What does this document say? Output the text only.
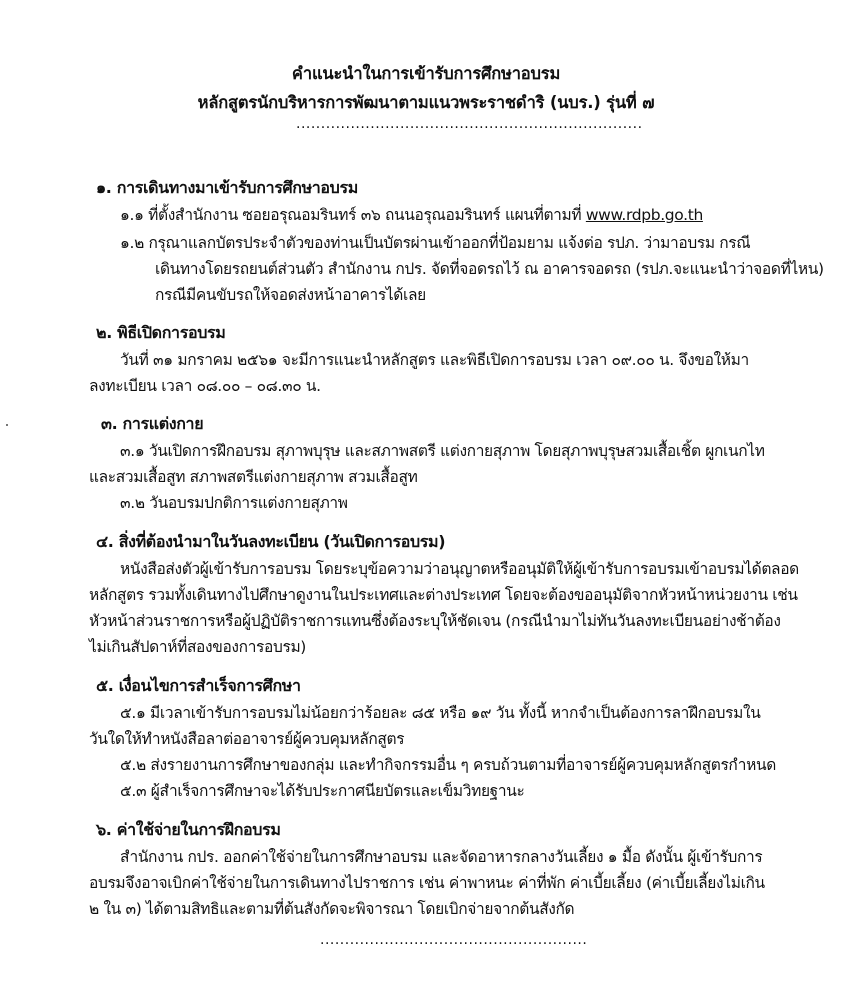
คำแนะนำในการเข้ารับการศึกษาอบรม
หลักสูตรนักบริหารการพัฒนาตามแนวพระราชดำริ (นบร.) รุ่นที่ ๗
......................................................................
๑. การเดินทางมาเข้ารับการศึกษาอบรม
๑.๑ ที่ตั้งสำนักงาน ซอยอรุณอมรินทร์ ๓๖ ถนนอรุณอมรินทร์ แผนที่ตามที่ www.rdpb.go.th
๑.๒ กรุณาแลกบัตรประจำตัวของท่านเป็นบัตรผ่านเข้าออกที่ป้อมยาม แจ้งต่อ รปภ. ว่ามาอบรม กรณี
เดินทางโดยรถยนต์ส่วนตัว สำนักงาน กปร. จัดที่จอดรถไว้ ณ อาคารจอดรถ (รปภ.จะแนะนำว่าจอดที่ไหน)
กรณีมีคนขับรถให้จอดส่งหน้าอาคารได้เลย
๒. พิธีเปิดการอบรม
วันที่ ๓๑ มกราคม ๒๕๖๑ จะมีการแนะนำหลักสูตร และพิธีเปิดการอบรม เวลา ๐๙.๐๐ น. จึงขอให้มา
ลงทะเบียน เวลา ๐๘.๐๐ – ๐๘.๓๐ น.
๓. การแต่งกาย
๓.๑ วันเปิดการฝึกอบรม สุภาพบุรุษ และสภาพสตรี แต่งกายสุภาพ โดยสุภาพบุรุษสวมเสื้อเชิ้ต ผูกเนกไท
และสวมเสื้อสูท สภาพสตรีแต่งกายสุภาพ สวมเสื้อสูท
๓.๒ วันอบรมปกติการแต่งกายสุภาพ
๔. สิ่งที่ต้องนำมาในวันลงทะเบียน (วันเปิดการอบรม)
หนังสือส่งตัวผู้เข้ารับการอบรม โดยระบุข้อความว่าอนุญาตหรืออนุมัติให้ผู้เข้ารับการอบรมเข้าอบรมได้ตลอด
หลักสูตร รวมทั้งเดินทางไปศึกษาดูงานในประเทศและต่างประเทศ โดยจะต้องขออนุมัติจากหัวหน้าหน่วยงาน เช่น
หัวหน้าส่วนราชการหรือผู้ปฏิบัติราชการแทนซึ่งต้องระบุให้ชัดเจน (กรณีนำมาไม่ทันวันลงทะเบียนอย่างช้าต้อง
ไม่เกินสัปดาห์ที่สองของการอบรม)
๕. เงื่อนไขการสำเร็จการศึกษา
๕.๑ มีเวลาเข้ารับการอบรมไม่น้อยกว่าร้อยละ ๘๕ หรือ ๑๙ วัน ทั้งนี้ หากจำเป็นต้องการลาฝึกอบรมใน
วันใดให้ทำหนังสือลาต่ออาจารย์ผู้ควบคุมหลักสูตร
๕.๒ ส่งรายงานการศึกษาของกลุ่ม และทำกิจกรรมอื่น ๆ ครบถ้วนตามที่อาจารย์ผู้ควบคุมหลักสูตรกำหนด
๕.๓ ผู้สำเร็จการศึกษาจะได้รับประกาศนียบัตรและเข็มวิทยฐานะ
๖. ค่าใช้จ่ายในการฝึกอบรม
สำนักงาน กปร. ออกค่าใช้จ่ายในการศึกษาอบรม และจัดอาหารกลางวันเลี้ยง ๑ มื้อ ดังนั้น ผู้เข้ารับการ
อบรมจึงอาจเบิกค่าใช้จ่ายในการเดินทางไปราชการ เช่น ค่าพาหนะ ค่าที่พัก ค่าเบี้ยเลี้ยง (ค่าเบี้ยเลี้ยงไม่เกิน
๒ ใน ๓) ได้ตามสิทธิและตามที่ต้นสังกัดจะพิจารณา โดยเบิกจ่ายจากต้นสังกัด
......................................................
